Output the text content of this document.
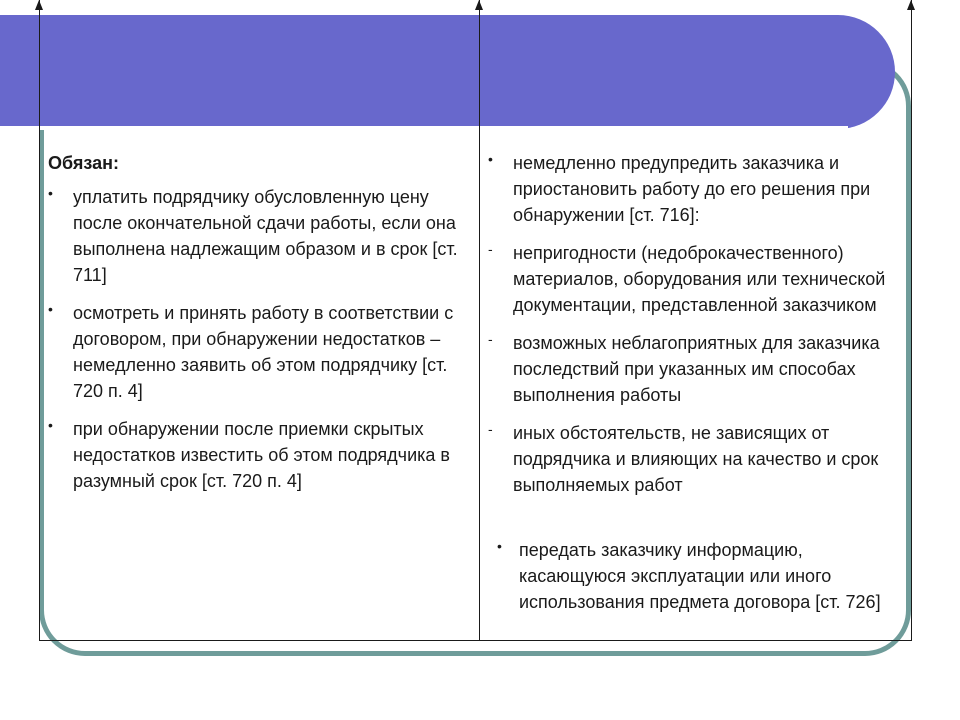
Обязан:
• уплатить подрядчику обусловленную цену после окончательной сдачи работы, если она выполнена надлежащим образом и в срок [ст. 711]
• осмотреть и принять работу в соответствии с договором, при обнаружении недостатков – немедленно заявить об этом подрядчику [ст. 720 п. 4]
• при обнаружении после приемки скрытых недостатков известить об этом подрядчика в разумный срок [ст. 720 п. 4]
• немедленно предупредить заказчика и приостановить работу до его решения при обнаружении [ст. 716]:
- непригодности (недоброкачественного) материалов, оборудования или технической документации, представленной заказчиком
- возможных неблагоприятных для заказчика последствий при указанных им способах выполнения работы
- иных обстоятельств, не зависящих от подрядчика и влияющих на качество и срок выполняемых работ
• передать заказчику информацию, касающуюся эксплуатации или иного использования предмета договора [ст. 726]
